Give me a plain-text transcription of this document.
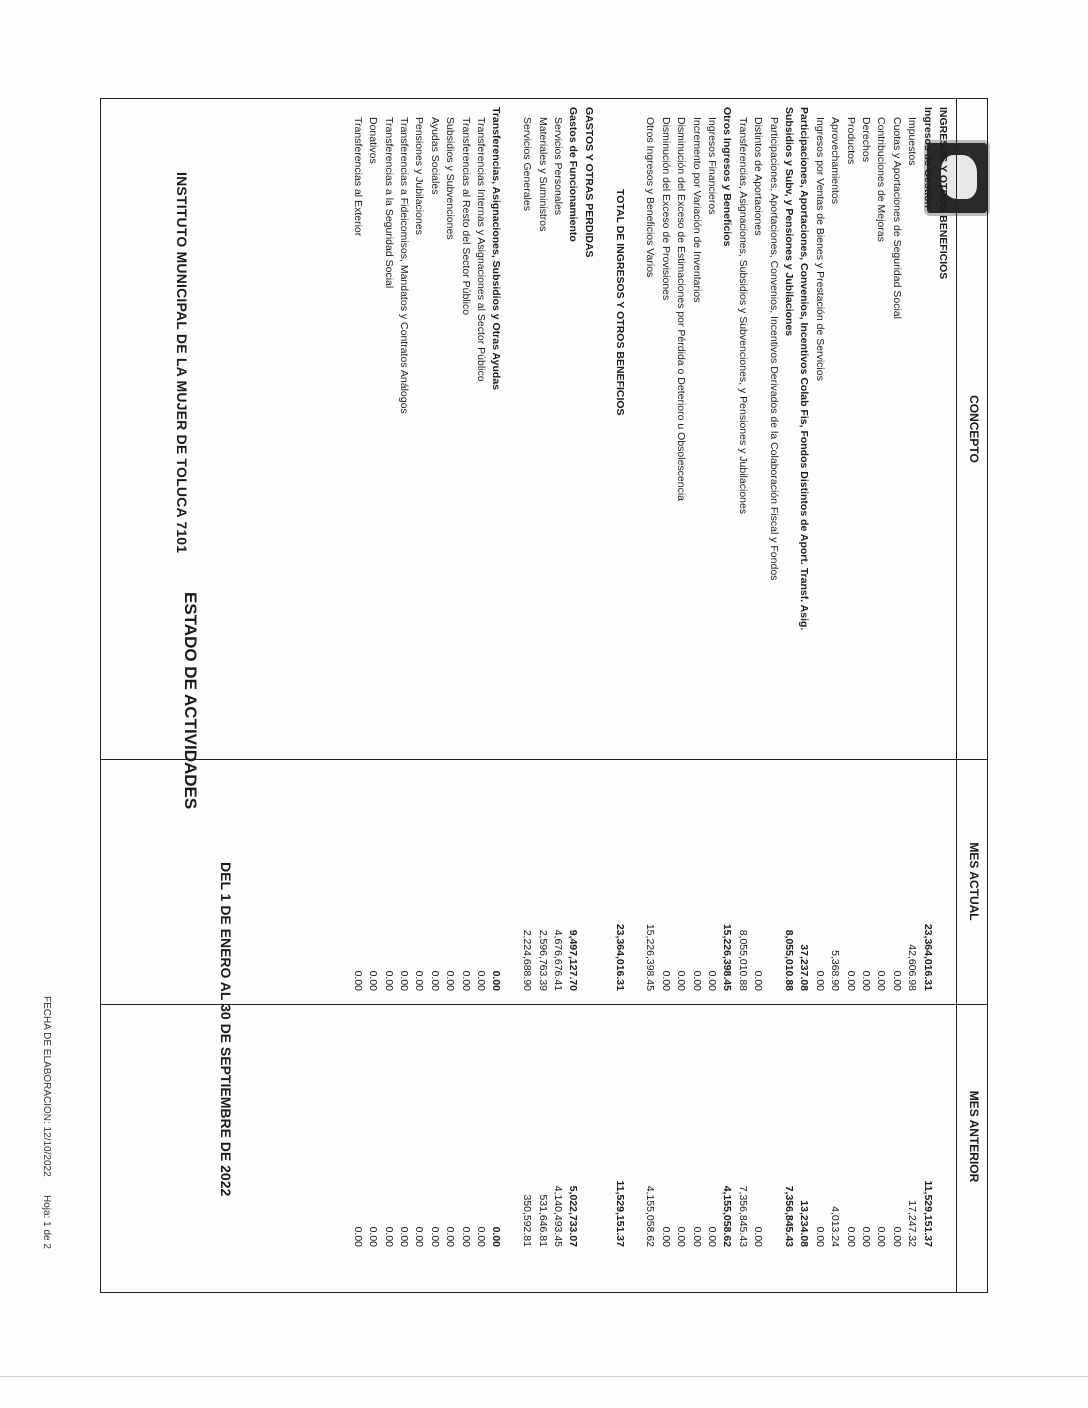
INSTITUTO MUNICIPAL DE LA MUJER DE TOLUCA 7101
ESTADO DE ACTIVIDADES
DEL 1 DE ENERO AL 30 DE SEPTIEMBRE DE 2022
CONCEPTO
MES ACTUAL
MES ANTERIOR
INGRESOS Y OTROS BENEFICIOS
Ingresos de Gestión
23,364,016.31
11,529,151.37
Impuestos
42,606.98
17,247.32
Cuotas y Aportaciones de Seguridad Social
0.00
0.00
Contribuciones de Mejoras
0.00
0.00
Derechos
0.00
0.00
Productos
0.00
0.00
Aprovechamientos
5,368.90
4,013.24
Ingresos por Ventas de Bienes y Prestación de Servicios
0.00
0.00
Participaciones, Aportaciones, Convenios, Incentivos Colab Fis, Fondos Distintos de Aport. Transf. Asig.
37,237.08
13,234.08
Subsidios y Subv, y Pensiones y Jubilaciones
8,055,010.88
7,356,845.43
Participaciones, Aportaciones, Convenios, Incentivos Derivados de la Colaboración Fiscal y Fondos
Distintos de Aportaciones
0.00
0.00
Transferencias, Asignaciones, Subsidios y Subvenciones, y Pensiones y Jubilaciones
8,055,010.88
7,356,845.43
Otros Ingresos y Beneficios
15,226,398.45
4,155,058.62
Ingresos Financieros
0.00
0.00
Incremento por Variación de Inventarios
0.00
0.00
Disminución del Exceso de Estimaciones por Pérdida o Deterioro u Obsolescencia
0.00
0.00
Disminución del Exceso de Provisiones
0.00
0.00
Otros Ingresos y Beneficios Varios
15,226,398.45
4,155,058.62
TOTAL DE INGRESOS Y OTROS BENEFICIOS
23,364,016.31
11,529,151.37
GASTOS Y OTRAS PERDIDAS
Gastos de Funcionamiento
9,497,127.70
5,022,733.07
Servicios Personales
4,676,676.41
4,140,493.45
Materiales y Suministros
2,596,763.39
531,646.81
Servicios Generales
2,224,688.90
350,592.81
Transferencias, Asignaciones, Subsidios y Otras Ayudas
0.00
0.00
Transferencias Internas y Asignaciones al Sector Público
0.00
0.00
Transferencias al Resto del Sector Público
0.00
0.00
Subsidios y Subvenciones
0.00
0.00
Ayudas Sociales
0.00
0.00
Pensiones y Jubilaciones
0.00
0.00
Transferencias a Fideicomisos, Mandatos y Contratos Análogos
0.00
0.00
Transferencias a la Seguridad Social
0.00
0.00
Donativos
0.00
0.00
Transferencias al Exterior
0.00
0.00
FECHA DE ELABORACION: 12/10/2022
Hoja: 1 de 2
